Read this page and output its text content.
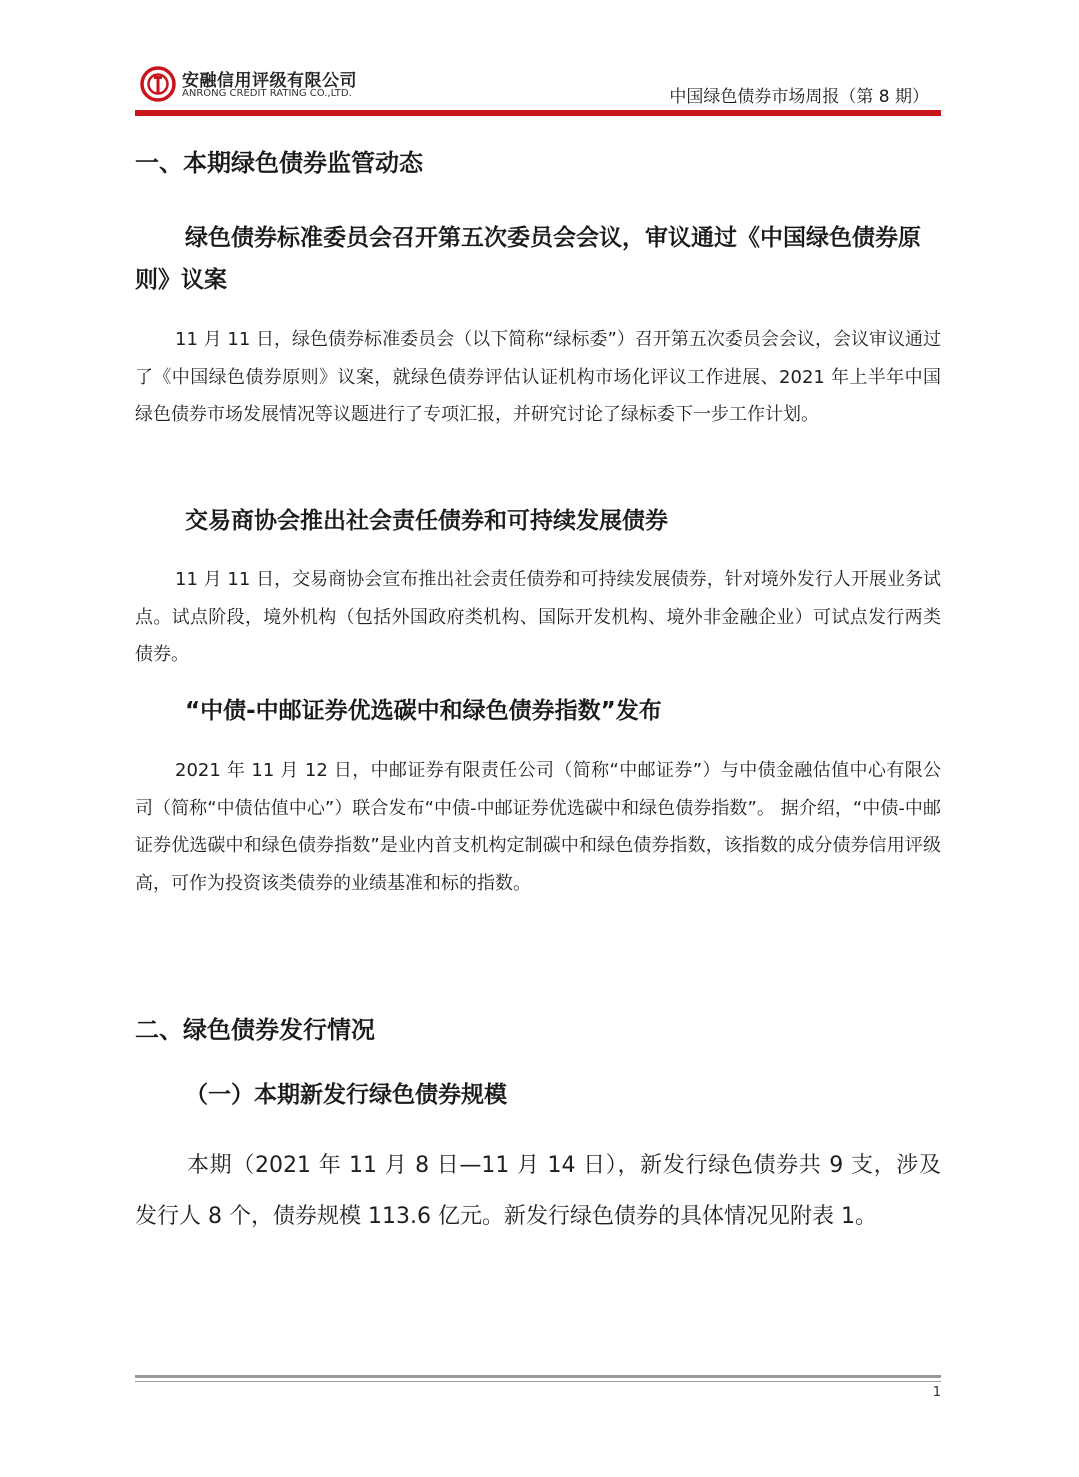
安融信用评级有限公司
ANRONG CREDIT RATING CO.,LTD.	中国绿色债券市场周报（第 8 期）
一、本期绿色债券监管动态
绿色债券标准委员会召开第五次委员会会议，审议通过《中国绿色债券原则》议案
11 月 11 日，绿色债券标准委员会（以下简称“绿标委”）召开第五次委员会会议，会议审议通过了《中国绿色债券原则》议案，就绿色债券评估认证机构市场化评议工作进展、2021 年上半年中国绿色债券市场发展情况等议题进行了专项汇报，并研究讨论了绿标委下一步工作计划。
交易商协会推出社会责任债券和可持续发展债券
11 月 11 日，交易商协会宣布推出社会责任债券和可持续发展债券，针对境外发行人开展业务试点。试点阶段，境外机构（包括外国政府类机构、国际开发机构、境外非金融企业）可试点发行两类债券。
“中债-中邮证券优选碳中和绿色债券指数”发布
2021 年 11 月 12 日，中邮证券有限责任公司（简称“中邮证券”）与中债金融估值中心有限公司（简称“中债估值中心”）联合发布“中债-中邮证券优选碳中和绿色债券指数”。 据介绍，“中债-中邮证券优选碳中和绿色债券指数”是业内首支机构定制碳中和绿色债券指数，该指数的成分债券信用评级高，可作为投资该类债券的业绩基准和标的指数。
二、绿色债券发行情况
（一）本期新发行绿色债券规模
本期（2021 年 11 月 8 日—11 月 14 日），新发行绿色债券共 9 支，涉及发行人 8 个，债券规模 113.6 亿元。新发行绿色债券的具体情况见附表 1。
1
